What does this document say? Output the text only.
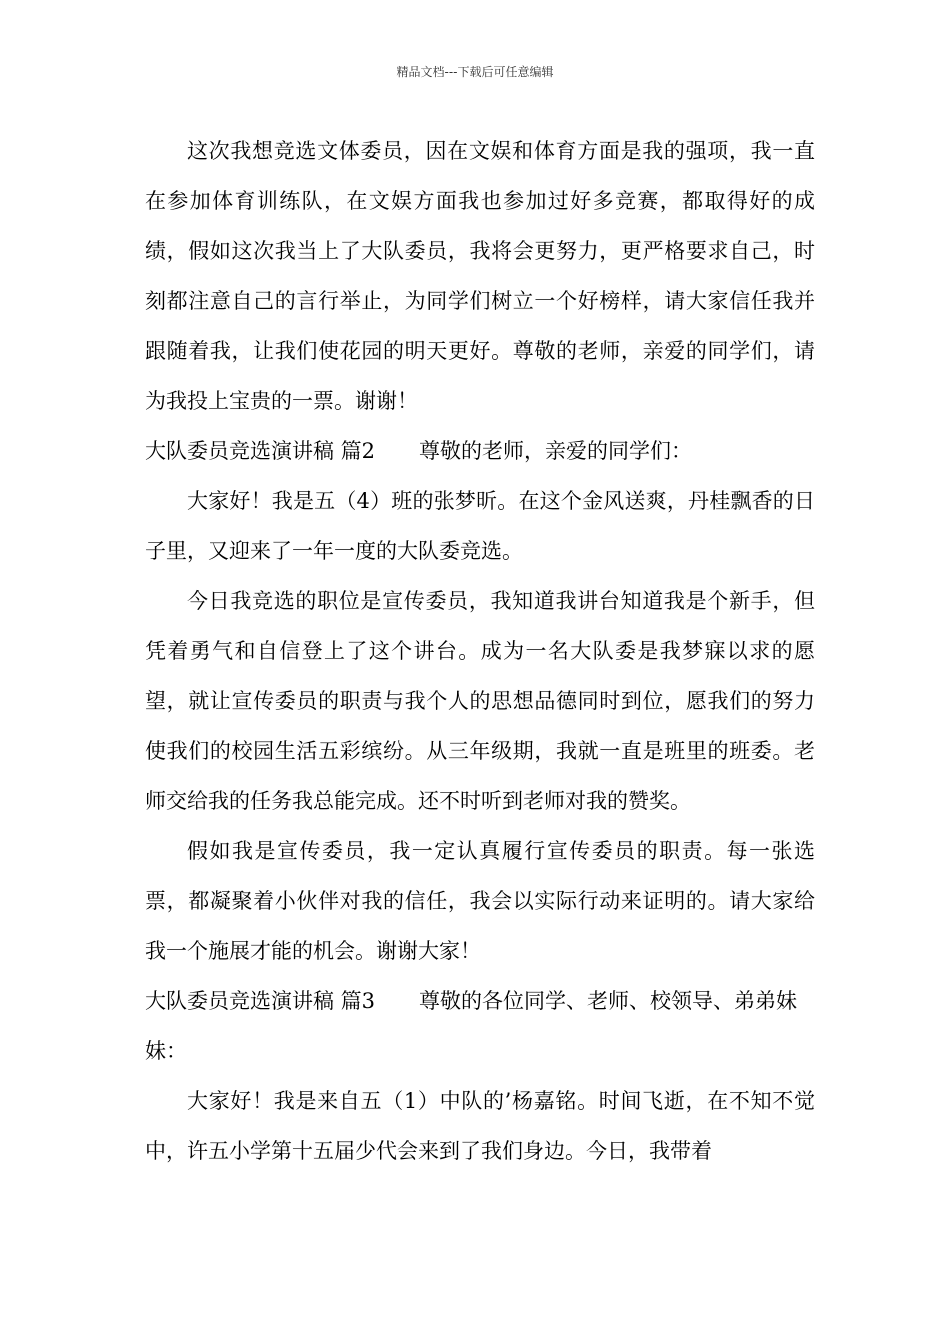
精品文档---下载后可任意编辑

这次我想竞选文体委员，因在文娱和体育方面是我的强项，我一直在参加体育训练队，在文娱方面我也参加过好多竞赛，都取得好的成绩，假如这次我当上了大队委员，我将会更努力，更严格要求自己，时刻都注意自己的言行举止，为同学们树立一个好榜样，请大家信任我并跟随着我，让我们使花园的明天更好。尊敬的老师，亲爱的同学们，请为我投上宝贵的一票。谢谢！

大队委员竞选演讲稿 篇2 尊敬的老师，亲爱的同学们：

大家好！我是五（4）班的张梦昕。在这个金风送爽，丹桂飘香的日子里，又迎来了一年一度的大队委竞选。

今日我竞选的职位是宣传委员，我知道我讲台知道我是个新手，但凭着勇气和自信登上了这个讲台。成为一名大队委是我梦寐以求的愿望，就让宣传委员的职责与我个人的思想品德同时到位，愿我们的努力使我们的校园生活五彩缤纷。从三年级期，我就一直是班里的班委。老师交给我的任务我总能完成。还不时听到老师对我的赞奖。

假如我是宣传委员，我一定认真履行宣传委员的职责。每一张选票，都凝聚着小伙伴对我的信任，我会以实际行动来证明的。请大家给我一个施展才能的机会。谢谢大家！

大队委员竞选演讲稿 篇3 尊敬的各位同学、老师、校领导、弟弟妹妹：

大家好！我是来自五（1）中队的’杨嘉铭。时间飞逝，在不知不觉中，许五小学第十五届少代会来到了我们身边。今日，我带着
